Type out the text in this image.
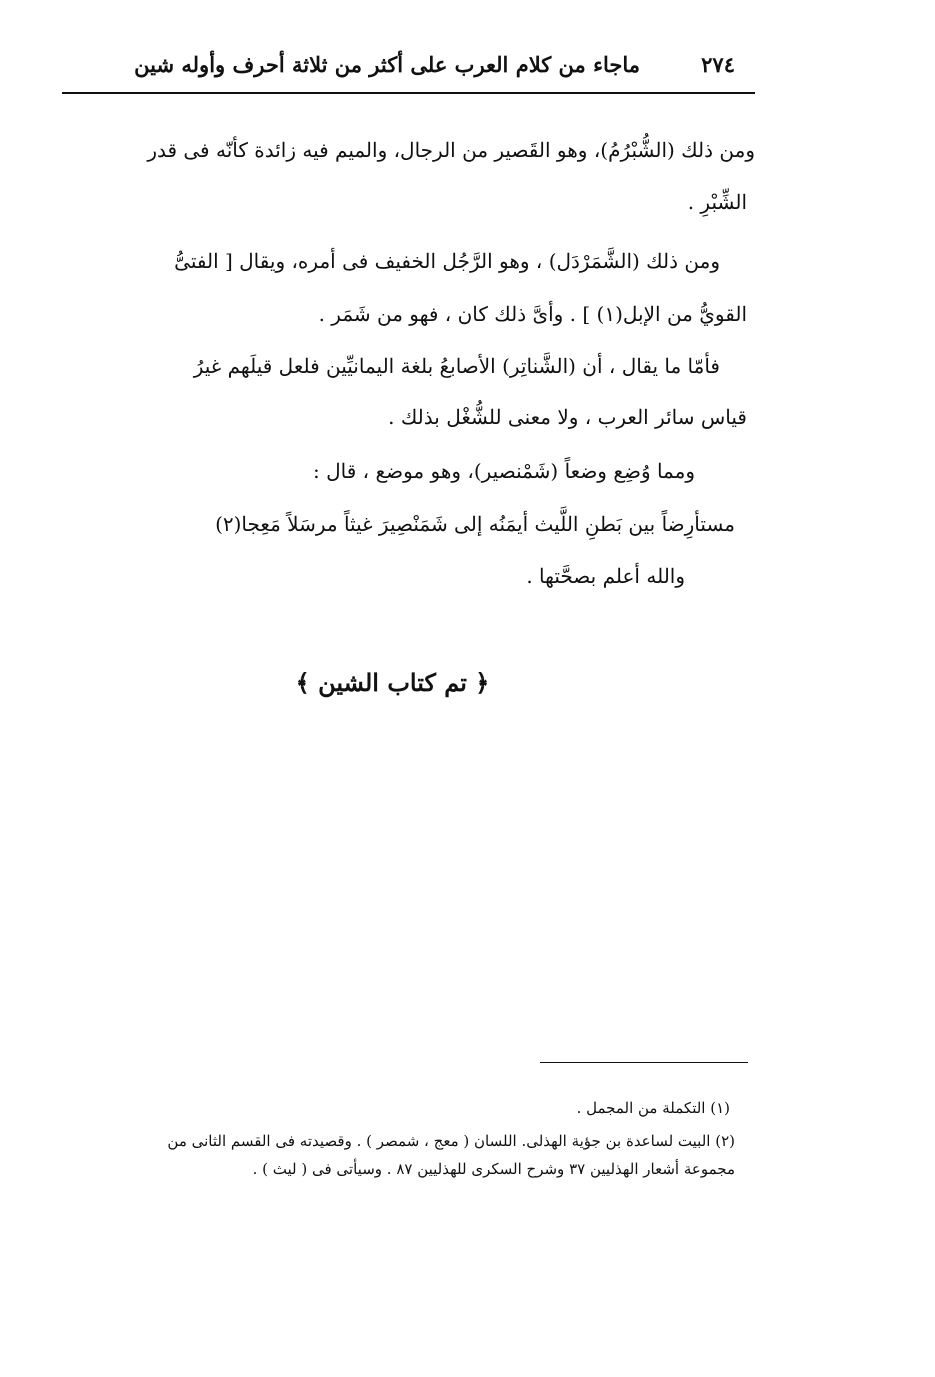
٢٧٤
ماجاء من كلام العرب على أكثر من ثلاثة أحرف وأوله شين
ومن ذلك (الشُّبْرُمُ)، وهو القَصير من الرجال، والميم فيه زائدة كأنّه فى قدر
الشِّبْرِ .
ومن ذلك (الشَّمَرْدَل) ، وهو الرَّجُل الخفيف فى أمره، ويقال [ الفتىُّ
القويُّ من الإبل(١) ] . وأىَّ ذلك كان ، فهو من شَمَر .
فأمّا ما يقال ، أن (الشَّناتِر) الأصابعُ بلغة اليمانيِّين فلعل قيلَهم غيرُ
قياس سائر العرب ، ولا معنى للشُّغْل بذلك .
ومما وُضِع وضعاً (شَمْنصير)، وهو موضع ، قال :
مستأرِضاً بين بَطنِ اللَّيث أيمَنُه إلى شَمَنْصِيرَ غيثاً مرسَلاً مَعِجا(٢)
والله أعلم بصحَّتها .
﴿ تم كتاب الشين ﴾
(١) التكملة من المجمل .
(٢) البيت لساعدة بن جؤية الهذلى. اللسان ( معج ، شمصر ) . وقصيدته فى القسم الثانى من
مجموعة أشعار الهذليين ٣٧ وشرح السكرى للهذليين ٨٧ . وسيأتى فى ( ليث ) .
